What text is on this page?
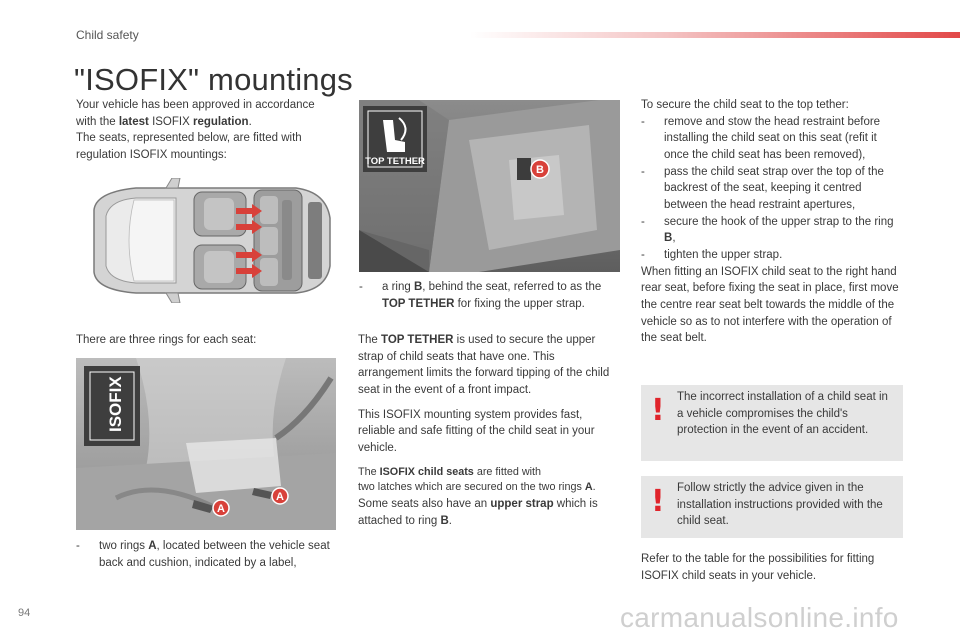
Child safety
"ISOFIX" mountings
Your vehicle has been approved in accordance
with the latest ISOFIX regulation.
The seats, represented below, are fitted with regulation ISOFIX mountings:
There are three rings for each seat:
ISOFIX
A
A
- two rings A, located between the vehicle seat back and cushion, indicated by a label,
TOP TETHER
B
- a ring B, behind the seat, referred to as the TOP TETHER for fixing the upper strap.
The TOP TETHER is used to secure the upper strap of child seats that have one. This arrangement limits the forward tipping of the child seat in the event of a front impact.
This ISOFIX mounting system provides fast, reliable and safe fitting of the child seat in your vehicle.
The ISOFIX child seats are fitted with
two latches which are secured on the two rings A.
Some seats also have an upper strap which is attached to ring B.
To secure the child seat to the top tether:
- remove and stow the head restraint before installing the child seat on this seat (refit it once the child seat has been removed),
- pass the child seat strap over the top of the backrest of the seat, keeping it centred between the head restraint apertures,
- secure the hook of the upper strap to the ring B,
- tighten the upper strap.
When fitting an ISOFIX child seat to the right hand rear seat, before fixing the seat in place, first move the centre rear seat belt towards the middle of the vehicle so as to not interfere with the operation of the seat belt.
! The incorrect installation of a child seat in a vehicle compromises the child's protection in the event of an accident.
! Follow strictly the advice given in the installation instructions provided with the child seat.
Refer to the table for the possibilities for fitting ISOFIX child seats in your vehicle.
94	carmanualsonline.info
